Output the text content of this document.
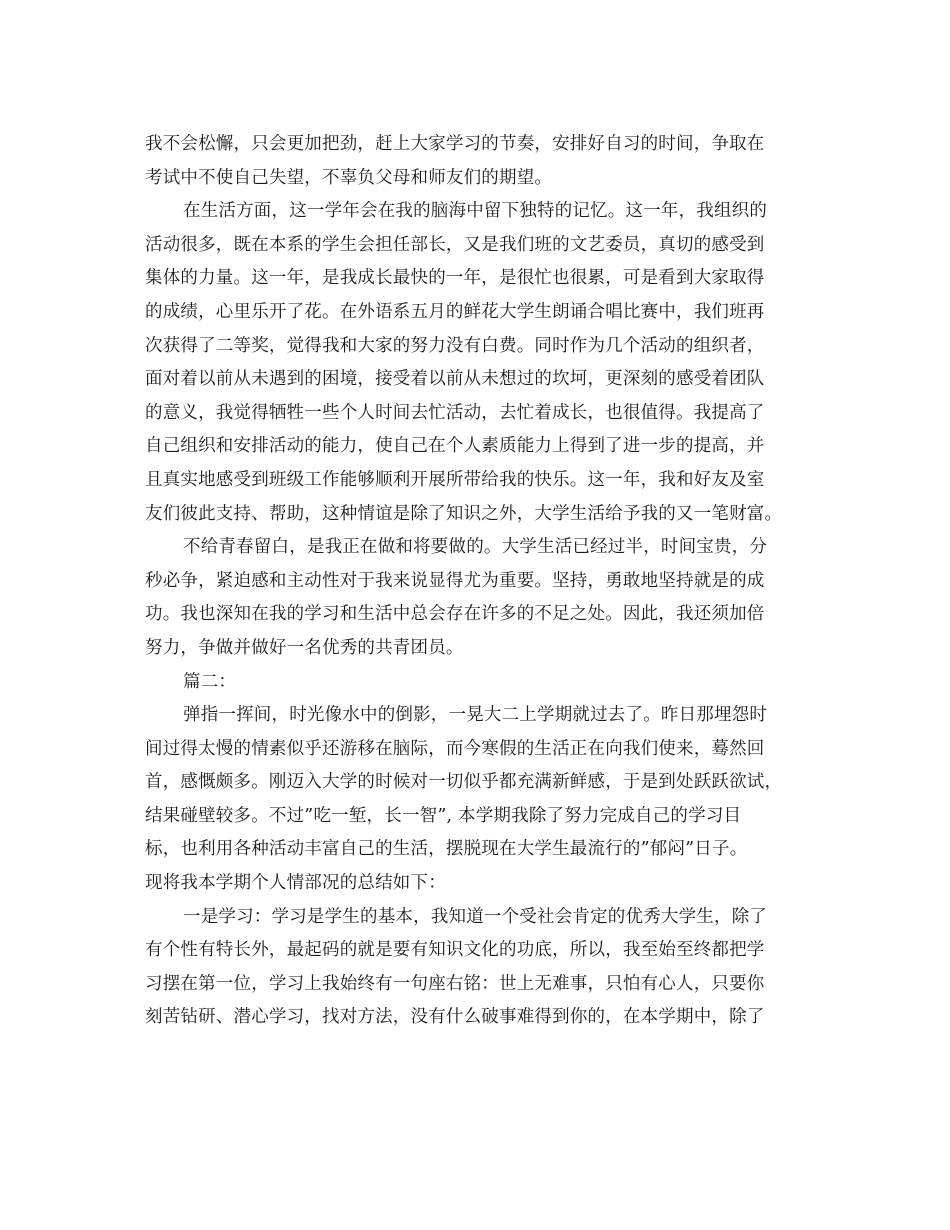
我不会松懈，只会更加把劲，赶上大家学习的节奏，安排好自习的时间，争取在
考试中不使自己失望，不辜负父母和师友们的期望。
在生活方面，这一学年会在我的脑海中留下独特的记忆。这一年，我组织的
活动很多，既在本系的学生会担任部长，又是我们班的文艺委员，真切的感受到
集体的力量。这一年，是我成长最快的一年，是很忙也很累，可是看到大家取得
的成绩，心里乐开了花。在外语系五月的鲜花大学生朗诵合唱比赛中，我们班再
次获得了二等奖，觉得我和大家的努力没有白费。同时作为几个活动的组织者，
面对着以前从未遇到的困境，接受着以前从未想过的坎坷，更深刻的感受着团队
的意义，我觉得牺牲一些个人时间去忙活动，去忙着成长，也很值得。我提高了
自己组织和安排活动的能力，使自己在个人素质能力上得到了进一步的提高，并
且真实地感受到班级工作能够顺利开展所带给我的快乐。这一年，我和好友及室
友们彼此支持、帮助，这种情谊是除了知识之外，大学生活给予我的又一笔财富。
不给青春留白，是我正在做和将要做的。大学生活已经过半，时间宝贵，分
秒必争，紧迫感和主动性对于我来说显得尤为重要。坚持，勇敢地坚持就是的成
功。我也深知在我的学习和生活中总会存在许多的不足之处。因此，我还须加倍
努力，争做并做好一名优秀的共青团员。
篇二：
弹指一挥间，时光像水中的倒影，一晃大二上学期就过去了。昨日那埋怨时
间过得太慢的情素似乎还游移在脑际，而今寒假的生活正在向我们使来，蓦然回
首，感慨颇多。刚迈入大学的时候对一切似乎都充满新鲜感，于是到处跃跃欲试，
结果碰壁较多。不过”吃一堑，长一智”, 本学期我除了努力完成自己的学习目
标，也利用各种活动丰富自己的生活，摆脱现在大学生最流行的”郁闷”日子。
现将我本学期个人情部况的总结如下：
一是学习：学习是学生的基本，我知道一个受社会肯定的优秀大学生，除了
有个性有特长外，最起码的就是要有知识文化的功底，所以，我至始至终都把学
习摆在第一位，学习上我始终有一句座右铭：世上无难事，只怕有心人，只要你
刻苦钻研、潜心学习，找对方法，没有什么破事难得到你的，在本学期中，除了
